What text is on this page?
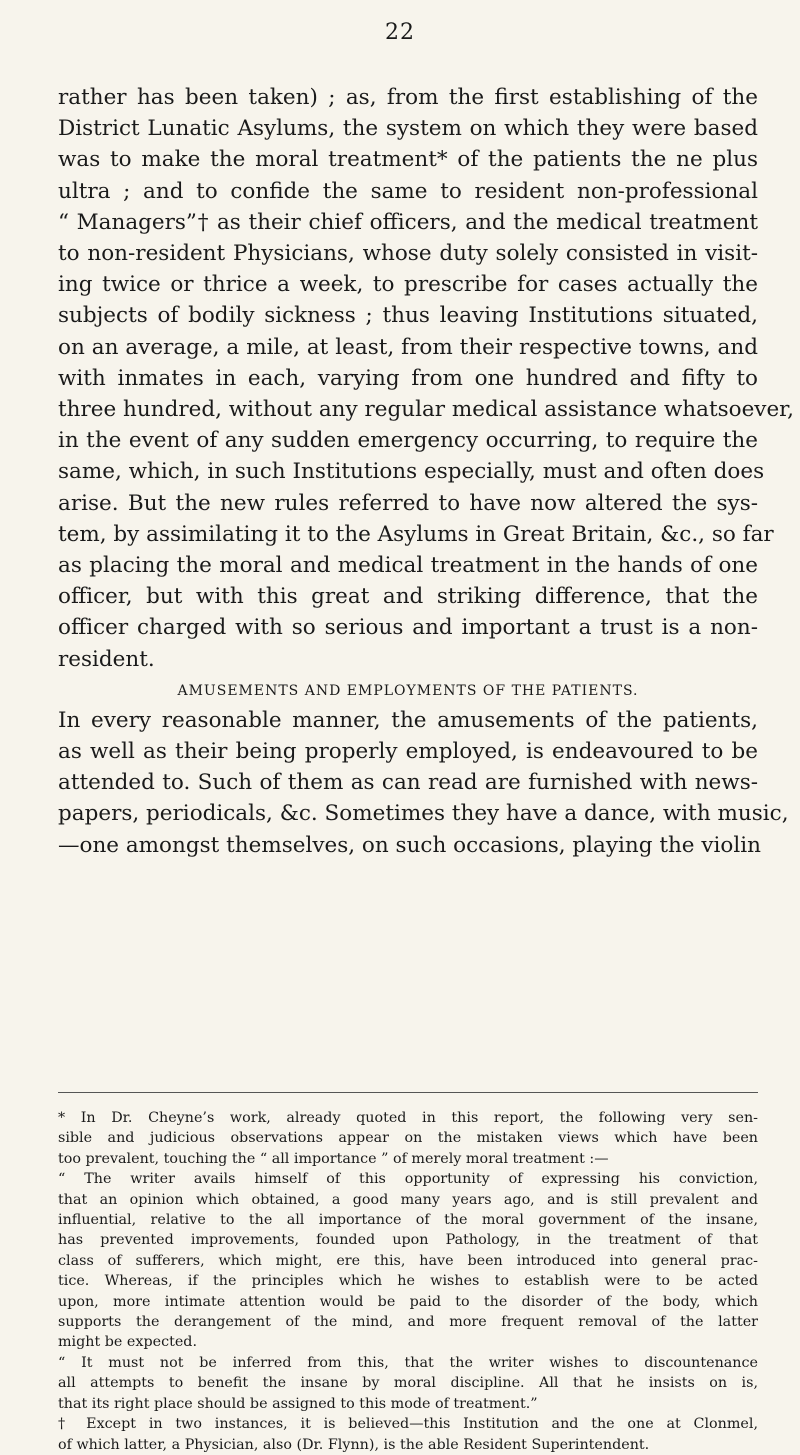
22
rather has been taken) ; as, from the first establishing of the
District Lunatic Asylums, the system on which they were based
was to make the moral treatment* of the patients the ne plus
ultra ; and to confide the same to resident non-professional
“ Managers”† as their chief officers, and the medical treatment
to non-resident Physicians, whose duty solely consisted in visit-
ing twice or thrice a week, to prescribe for cases actually the
subjects of bodily sickness ; thus leaving Institutions situated,
on an average, a mile, at least, from their respective towns, and
with inmates in each, varying from one hundred and fifty to
three hundred, without any regular medical assistance whatsoever,
in the event of any sudden emergency occurring, to require the
same, which, in such Institutions especially, must and often does
arise. But the new rules referred to have now altered the sys-
tem, by assimilating it to the Asylums in Great Britain, &c., so far
as placing the moral and medical treatment in the hands of one
officer, but with this great and striking difference, that the
officer charged with so serious and important a trust is a non-
resident.
AMUSEMENTS AND EMPLOYMENTS OF THE PATIENTS.
In every reasonable manner, the amusements of the patients,
as well as their being properly employed, is endeavoured to be
attended to. Such of them as can read are furnished with news-
papers, periodicals, &c. Sometimes they have a dance, with music,
—one amongst themselves, on such occasions, playing the violin
* In Dr. Cheyne’s work, already quoted in this report, the following very sen-
sible and judicious observations appear on the mistaken views which have been
too prevalent, touching the “ all importance ” of merely moral treatment :—
“ The writer avails himself of this opportunity of expressing his conviction,
that an opinion which obtained, a good many years ago, and is still prevalent and
influential, relative to the all importance of the moral government of the insane,
has prevented improvements, founded upon Pathology, in the treatment of that
class of sufferers, which might, ere this, have been introduced into general prac-
tice. Whereas, if the principles which he wishes to establish were to be acted
upon, more intimate attention would be paid to the disorder of the body, which
supports the derangement of the mind, and more frequent removal of the latter
might be expected.
“ It must not be inferred from this, that the writer wishes to discountenance
all attempts to benefit the insane by moral discipline. All that he insists on is,
that its right place should be assigned to this mode of treatment.”
† Except in two instances, it is believed—this Institution and the one at Clonmel,
of which latter, a Physician, also (Dr. Flynn), is the able Resident Superintendent.
